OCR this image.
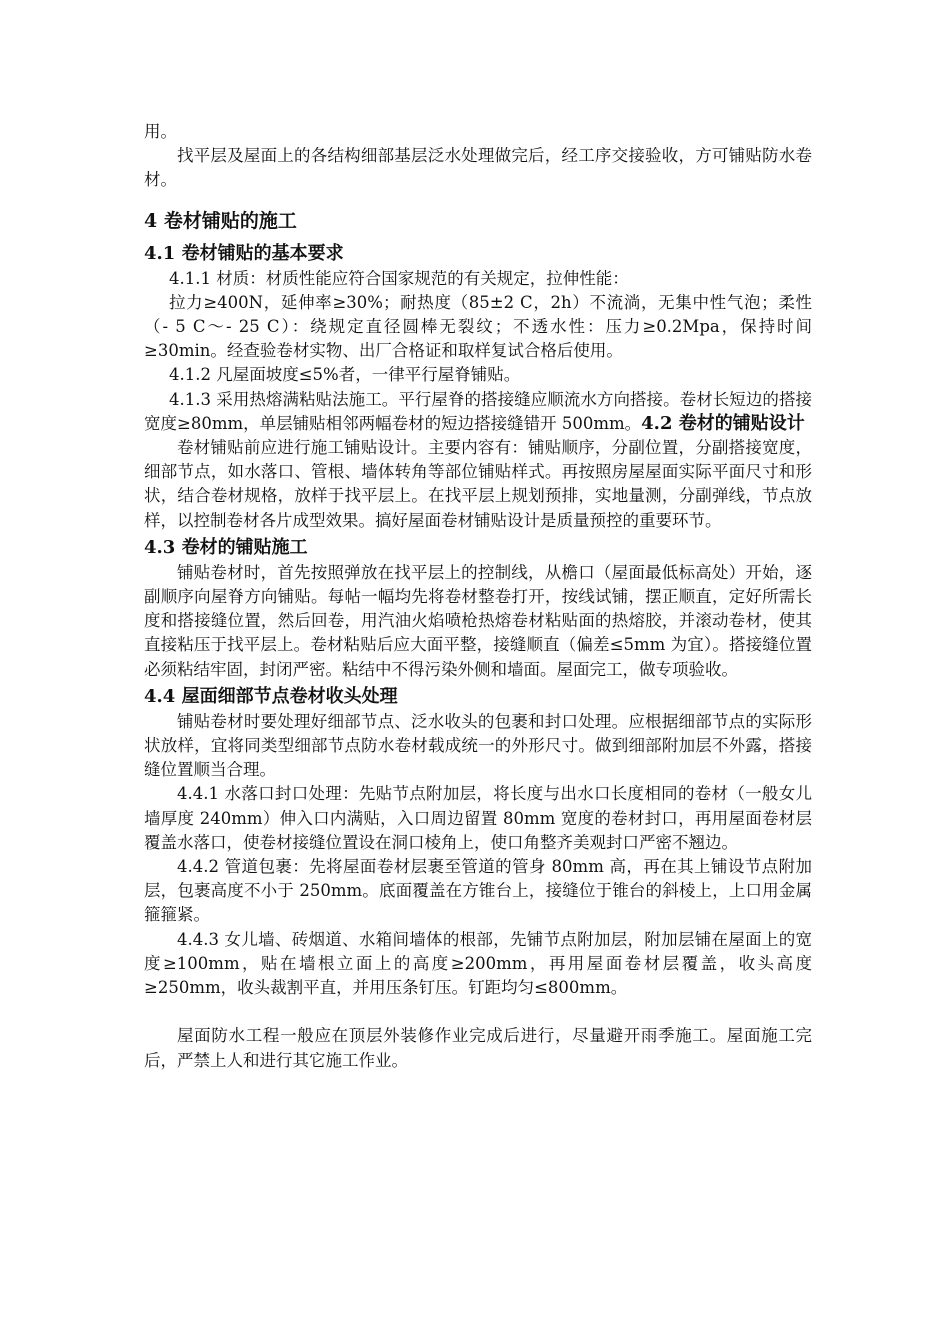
用。

找平层及屋面上的各结构细部基层泛水处理做完后，经工序交接验收，方可铺贴防水卷材。

4 卷材铺贴的施工
4.1 卷材铺贴的基本要求

4.1.1 材质：材质性能应符合国家规范的有关规定，拉伸性能：

拉力≥400N，延伸率≥30%；耐热度（85±2 C，2h）不流淌，无集中性气泡；柔性（- 5 C～- 25 C）：绕规定直径圆棒无裂纹；不透水性：压力≥0.2Mpa，保持时间≥30min。经查验卷材实物、出厂合格证和取样复试合格后使用。

4.1.2 凡屋面坡度≤5%者，一律平行屋脊铺贴。

4.1.3 采用热熔满粘贴法施工。平行屋脊的搭接缝应顺流水方向搭接。卷材长短边的搭接宽度≥80mm，单层铺贴相邻两幅卷材的短边搭接缝错开 500mm。4.2 卷材的铺贴设计

卷材铺贴前应进行施工铺贴设计。主要内容有：铺贴顺序，分副位置，分副搭接宽度，细部节点，如水落口、管根、墙体转角等部位铺贴样式。再按照房屋屋面实际平面尺寸和形状，结合卷材规格，放样于找平层上。在找平层上规划预排，实地量测，分副弹线，节点放样，以控制卷材各片成型效果。搞好屋面卷材铺贴设计是质量预控的重要环节。

4.3 卷材的铺贴施工

铺贴卷材时，首先按照弹放在找平层上的控制线，从檐口（屋面最低标高处）开始，逐副顺序向屋脊方向铺贴。每帖一幅均先将卷材整卷打开，按线试铺，摆正顺直，定好所需长度和搭接缝位置，然后回卷，用汽油火焰喷枪热熔卷材粘贴面的热熔胶，并滚动卷材，使其直接粘压于找平层上。卷材粘贴后应大面平整，接缝顺直（偏差≤5mm 为宜）。搭接缝位置必须粘结牢固，封闭严密。粘结中不得污染外侧和墙面。屋面完工，做专项验收。

4.4 屋面细部节点卷材收头处理

铺贴卷材时要处理好细部节点、泛水收头的包裹和封口处理。应根据细部节点的实际形状放样，宜将同类型细部节点防水卷材载成统一的外形尺寸。做到细部附加层不外露，搭接缝位置顺当合理。

4.4.1 水落口封口处理：先贴节点附加层，将长度与出水口长度相同的卷材（一般女儿墙厚度 240mm）伸入口内满贴，入口周边留置 80mm 宽度的卷材封口，再用屋面卷材层覆盖水落口，使卷材接缝位置设在洞口棱角上，使口角整齐美观封口严密不翘边。

4.4.2 管道包裹：先将屋面卷材层裹至管道的管身 80mm 高，再在其上铺设节点附加层，包裹高度不小于 250mm。底面覆盖在方锥台上，接缝位于锥台的斜棱上，上口用金属箍箍紧。

4.4.3 女儿墙、砖烟道、水箱间墙体的根部，先铺节点附加层，附加层铺在屋面上的宽度≥100mm，贴在墙根立面上的高度≥200mm，再用屋面卷材层覆盖，收头高度≥250mm，收头裁割平直，并用压条钉压。钉距均匀≤800mm。

屋面防水工程一般应在顶层外装修作业完成后进行，尽量避开雨季施工。屋面施工完后，严禁上人和进行其它施工作业。
